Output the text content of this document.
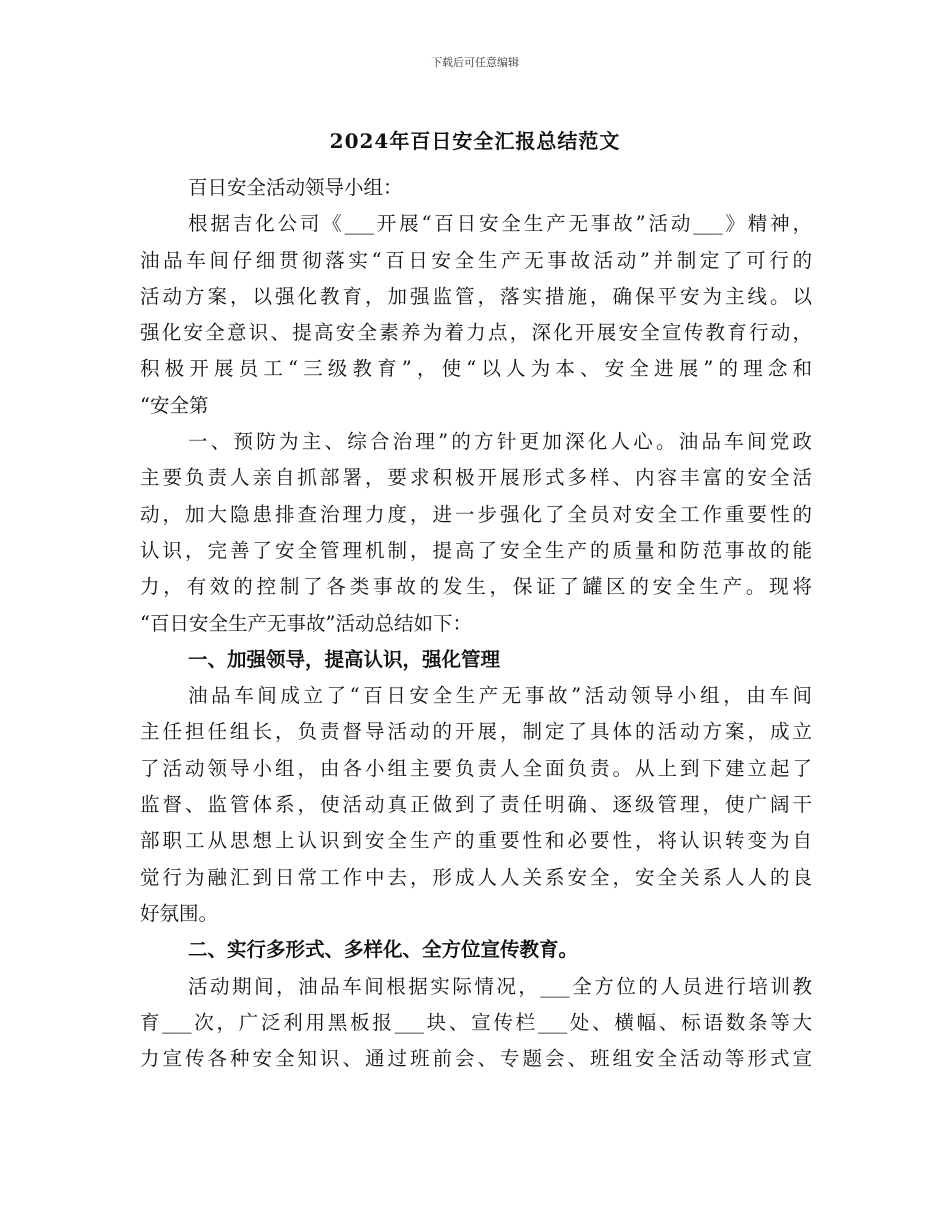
下载后可任意编辑
2024年百日安全汇报总结范文
百日安全活动领导小组：
根据吉化公司《___开展“百日安全生产无事故”活动___》精神，
油品车间仔细贯彻落实“百日安全生产无事故活动”并制定了可行的
活动方案，以强化教育，加强监管，落实措施，确保平安为主线。以
强化安全意识、提高安全素养为着力点，深化开展安全宣传教育行动，
积极开展员工“三级教育”，使“以人为本、安全进展”的理念和
“安全第
一、预防为主、综合治理”的方针更加深化人心。油品车间党政
主要负责人亲自抓部署，要求积极开展形式多样、内容丰富的安全活
动，加大隐患排查治理力度，进一步强化了全员对安全工作重要性的
认识，完善了安全管理机制，提高了安全生产的质量和防范事故的能
力，有效的控制了各类事故的发生，保证了罐区的安全生产。现将
“百日安全生产无事故”活动总结如下：
一、加强领导，提高认识，强化管理
油品车间成立了“百日安全生产无事故”活动领导小组，由车间
主任担任组长，负责督导活动的开展，制定了具体的活动方案，成立
了活动领导小组，由各小组主要负责人全面负责。从上到下建立起了
监督、监管体系，使活动真正做到了责任明确、逐级管理，使广阔干
部职工从思想上认识到安全生产的重要性和必要性，将认识转变为自
觉行为融汇到日常工作中去，形成人人关系安全，安全关系人人的良
好氛围。
二、实行多形式、多样化、全方位宣传教育。
活动期间，油品车间根据实际情况，___全方位的人员进行培训教
育___次，广泛利用黑板报___块、宣传栏___处、横幅、标语数条等大
力宣传各种安全知识、通过班前会、专题会、班组安全活动等形式宣
